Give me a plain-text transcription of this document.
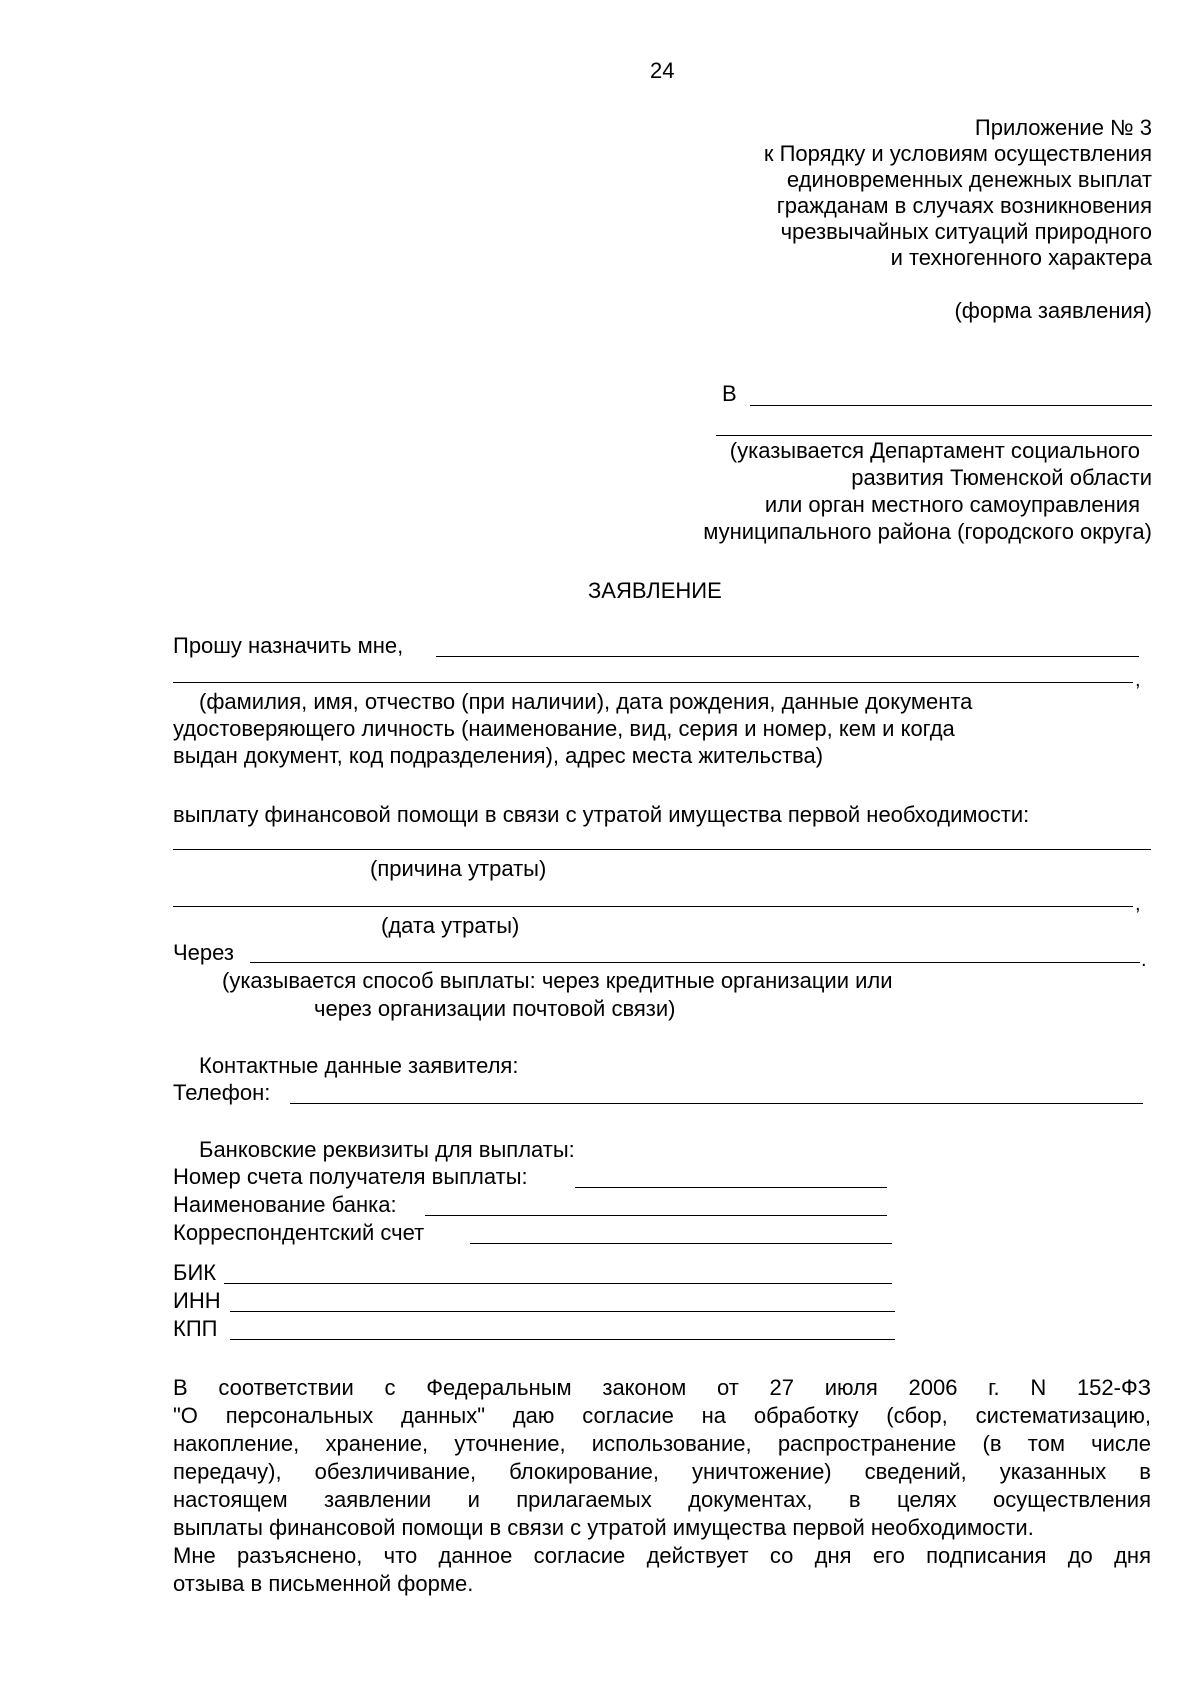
24
Приложение № 3
к Порядку и условиям осуществления
единовременных денежных выплат
гражданам в случаях возникновения
чрезвычайных ситуаций природного
и техногенного характера
(форма заявления)
В
(указывается Департамент социального
развития Тюменской области
или орган местного самоуправления
муниципального района (городского округа)
ЗАЯВЛЕНИЕ
Прошу назначить мне,
,
(фамилия, имя, отчество (при наличии), дата рождения, данные документа
удостоверяющего личность (наименование, вид, серия и номер, кем и когда
выдан документ, код подразделения), адрес места жительства)
выплату финансовой помощи в связи с утратой имущества первой необходимости:
(причина утраты)
,
(дата утраты)
Через	.
(указывается способ выплаты: через кредитные организации или
через организации почтовой связи)
Контактные данные заявителя:
Телефон:
Банковские реквизиты для выплаты:
Номер счета получателя выплаты:
Наименование банка:
Корреспондентский счет
БИК
ИНН
КПП
В соответствии с Федеральным законом от 27 июля 2006 г. N 152-ФЗ
"О персональных данных" даю согласие на обработку (сбор, систематизацию,
накопление, хранение, уточнение, использование, распространение (в том числе
передачу), обезличивание, блокирование, уничтожение) сведений, указанных в
настоящем заявлении и прилагаемых документах, в целях осуществления
выплаты финансовой помощи в связи с утратой имущества первой необходимости.
Мне разъяснено, что данное согласие действует со дня его подписания до дня
отзыва в письменной форме.
